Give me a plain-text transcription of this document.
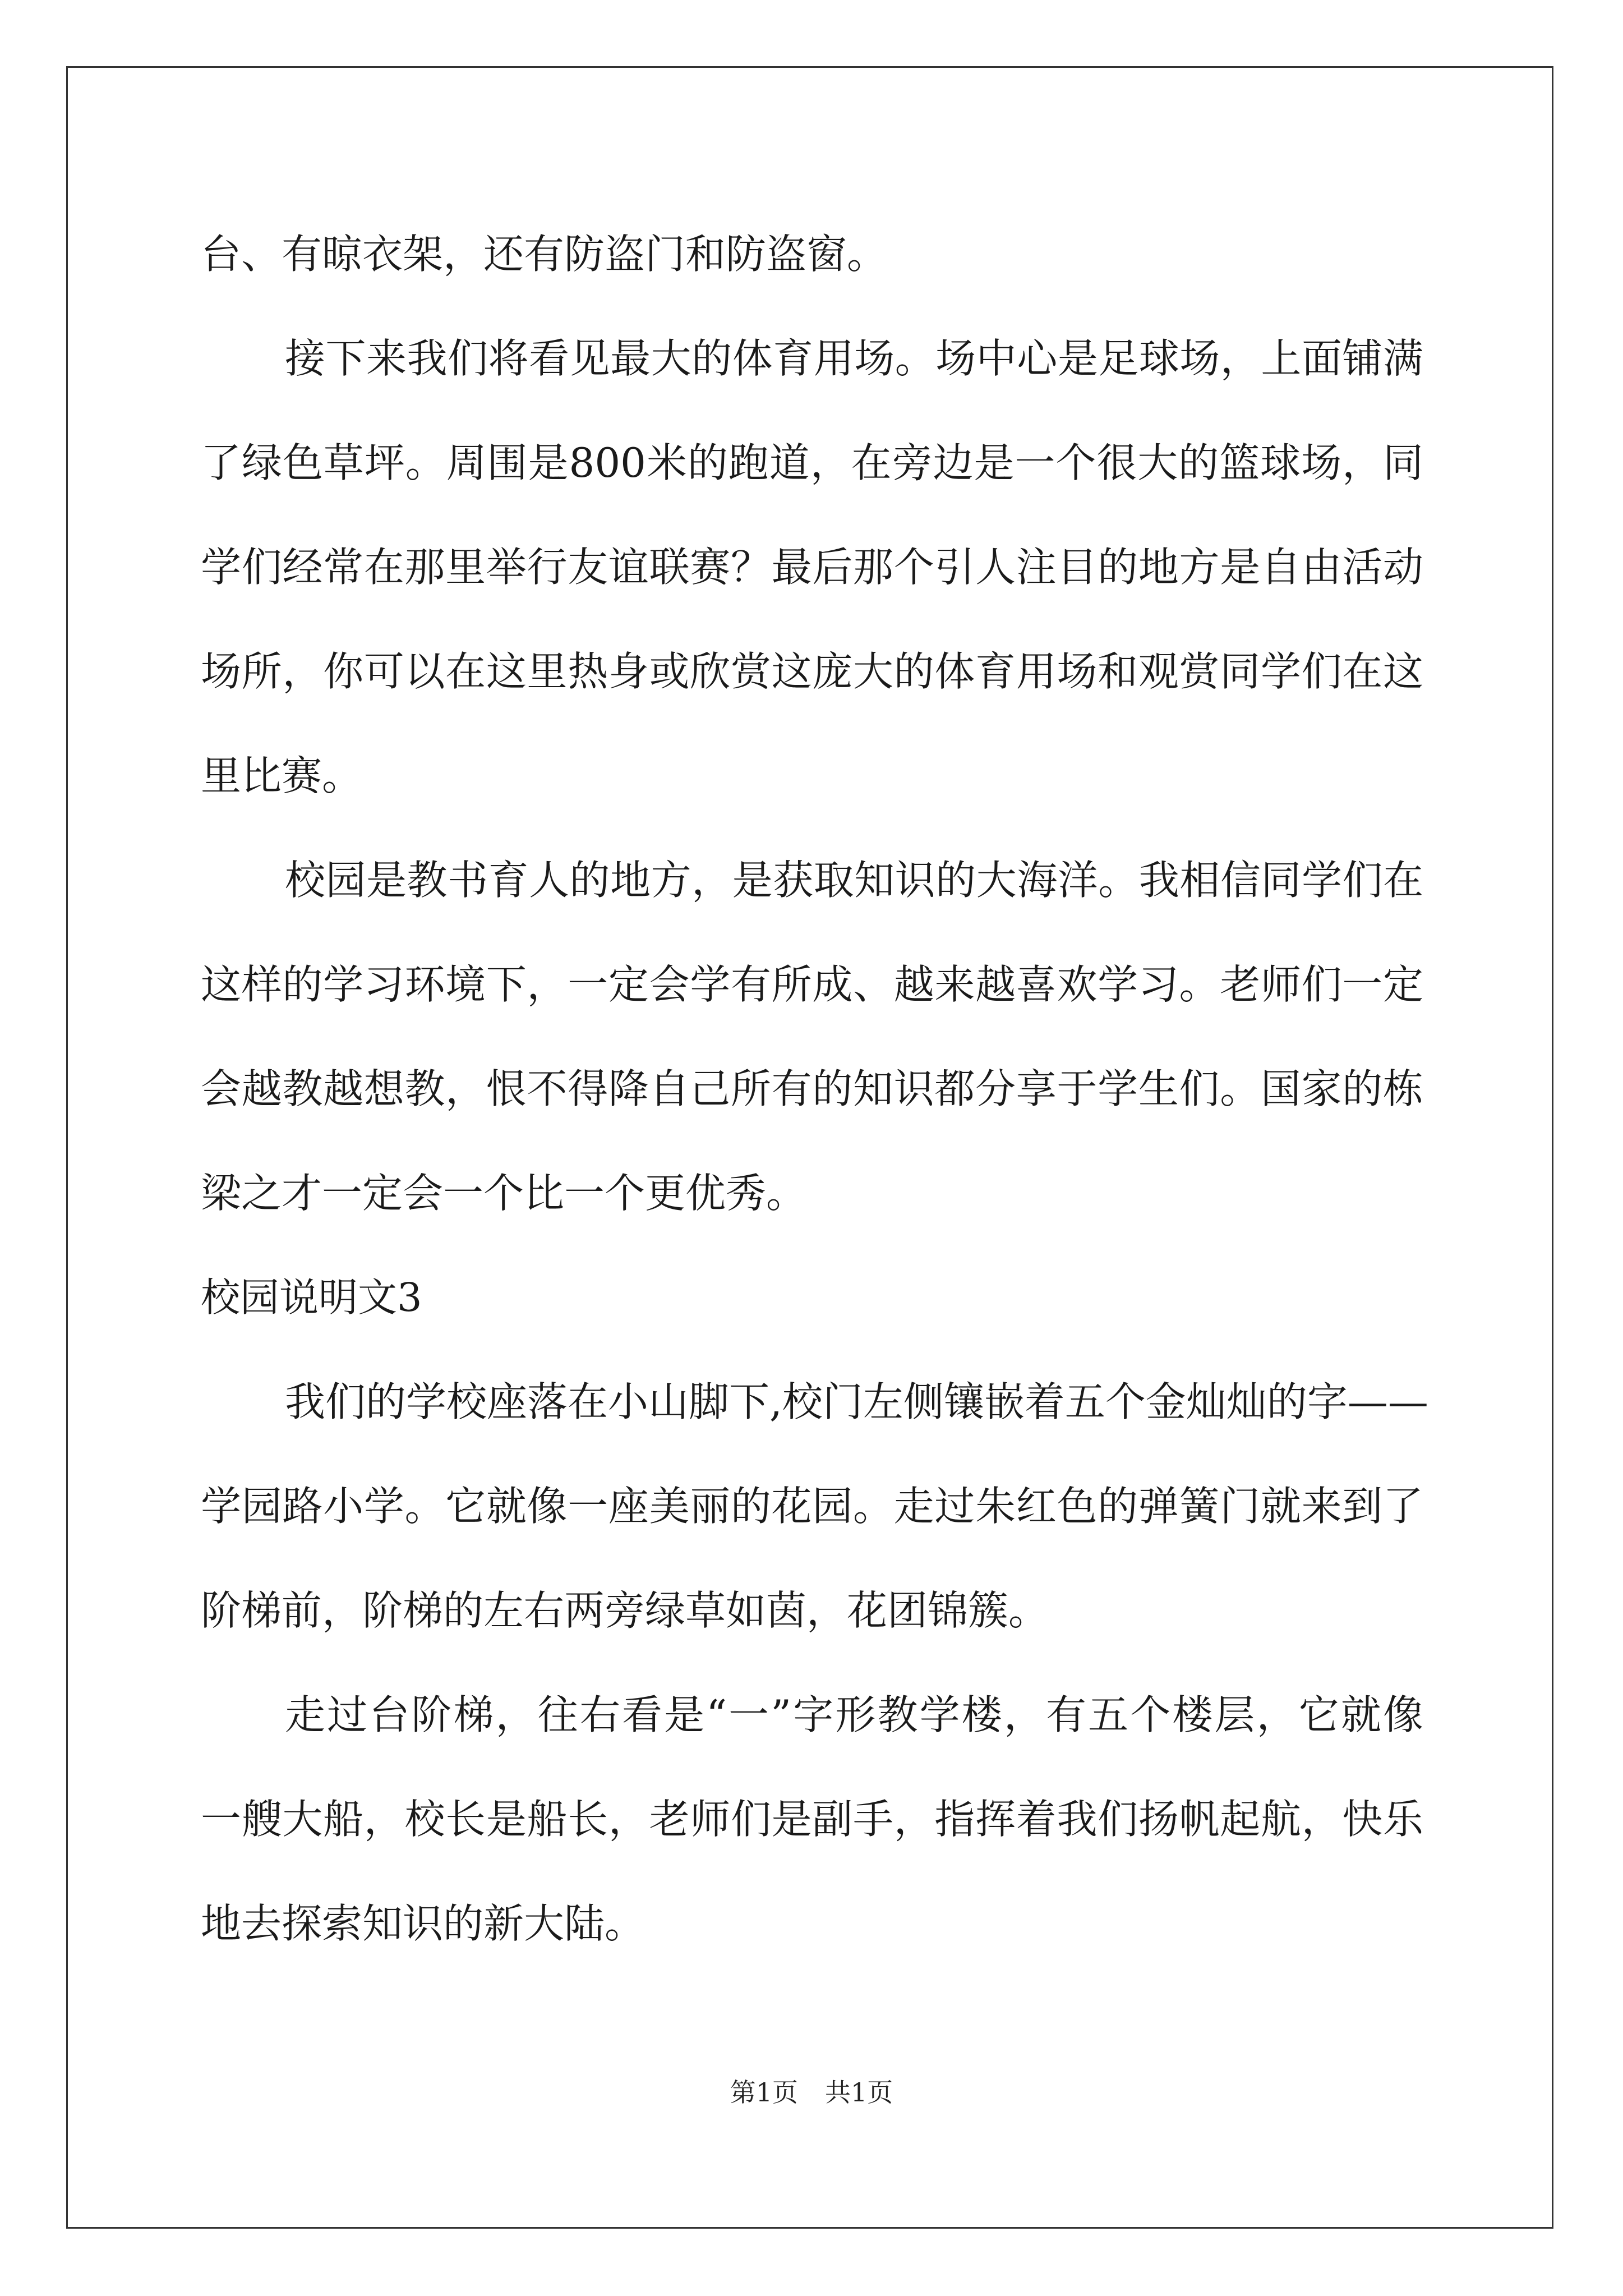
台、有晾衣架，还有防盗门和防盗窗。
接下来我们将看见最大的体育用场。场中心是足球场，上面铺满
了绿色草坪。周围是800米的跑道，在旁边是一个很大的篮球场，同
学们经常在那里举行友谊联赛？最后那个引人注目的地方是自由活动
场所，你可以在这里热身或欣赏这庞大的体育用场和观赏同学们在这
里比赛。
校园是教书育人的地方，是获取知识的大海洋。我相信同学们在
这样的学习环境下，一定会学有所成、越来越喜欢学习。老师们一定
会越教越想教，恨不得降自己所有的知识都分享于学生们。国家的栋
梁之才一定会一个比一个更优秀。
校园说明文3
我们的学校座落在小山脚下,校门左侧镶嵌着五个金灿灿的字——
学园路小学。它就像一座美丽的花园。走过朱红色的弹簧门就来到了
阶梯前，阶梯的左右两旁绿草如茵，花团锦簇。
走过台阶梯，往右看是“一”字形教学楼，有五个楼层，它就像
一艘大船，校长是船长，老师们是副手，指挥着我们扬帆起航，快乐
地去探索知识的新大陆。
第1页 共1页
